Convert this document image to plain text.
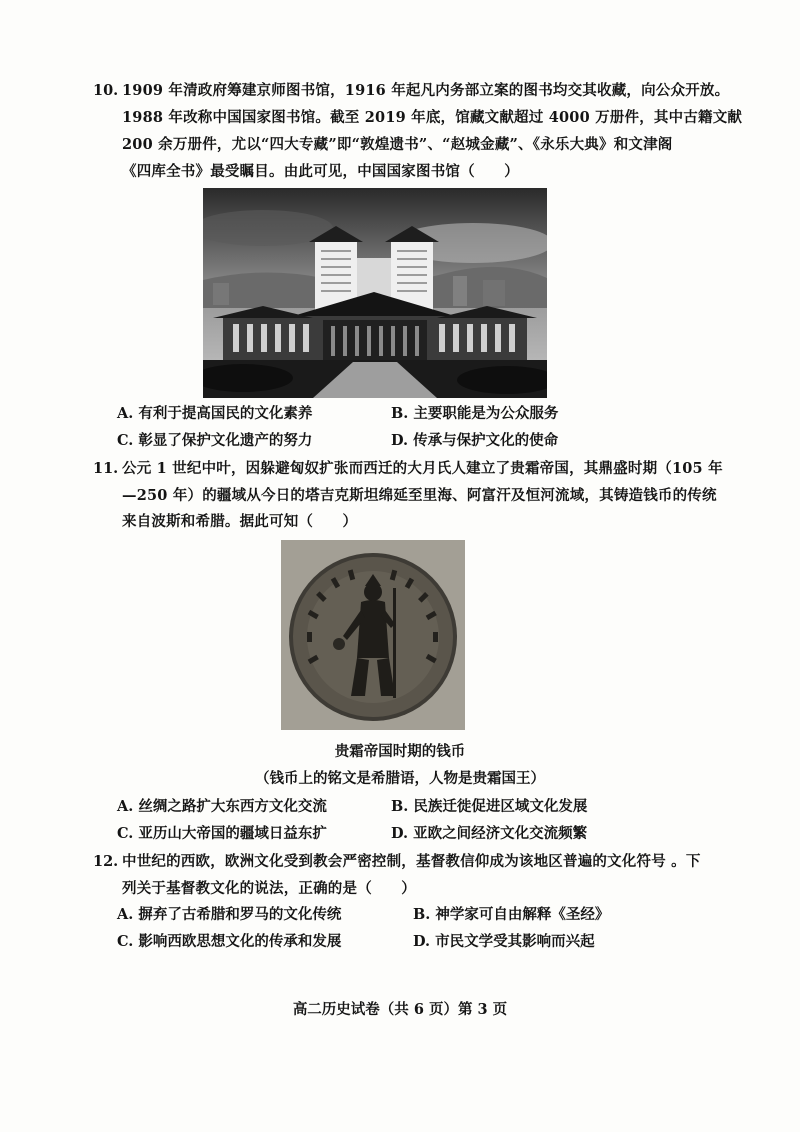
10. 1909 年清政府筹建京师图书馆，1916 年起凡内务部立案的图书均交其收藏，向公众开放。
1988 年改称中国国家图书馆。截至 2019 年底，馆藏文献超过 4000 万册件，其中古籍文献
200 余万册件，尤以“四大专藏”即“敦煌遗书”、“赵城金藏”、《永乐大典》和文津阁
《四库全书》最受瞩目。由此可见，中国国家图书馆（　　）
A. 有利于提高国民的文化素养	B. 主要职能是为公众服务
C. 彰显了保护文化遗产的努力	D. 传承与保护文化的使命
11. 公元 1 世纪中叶，因躲避匈奴扩张而西迁的大月氏人建立了贵霜帝国，其鼎盛时期（105 年
—250 年）的疆域从今日的塔吉克斯坦绵延至里海、阿富汗及恒河流域，其铸造钱币的传统
来自波斯和希腊。据此可知（　　）
贵霜帝国时期的钱币
（钱币上的铭文是希腊语，人物是贵霜国王）
A. 丝绸之路扩大东西方文化交流	B. 民族迁徙促进区域文化发展
C. 亚历山大帝国的疆域日益东扩	D. 亚欧之间经济文化交流频繁
12. 中世纪的西欧，欧洲文化受到教会严密控制，基督教信仰成为该地区普遍的文化符号 。下
列关于基督教文化的说法，正确的是（　　）
A. 摒弃了古希腊和罗马的文化传统	B. 神学家可自由解释《圣经》
C. 影响西欧思想文化的传承和发展	D. 市民文学受其影响而兴起
高二历史试卷（共 6 页）第 3 页
